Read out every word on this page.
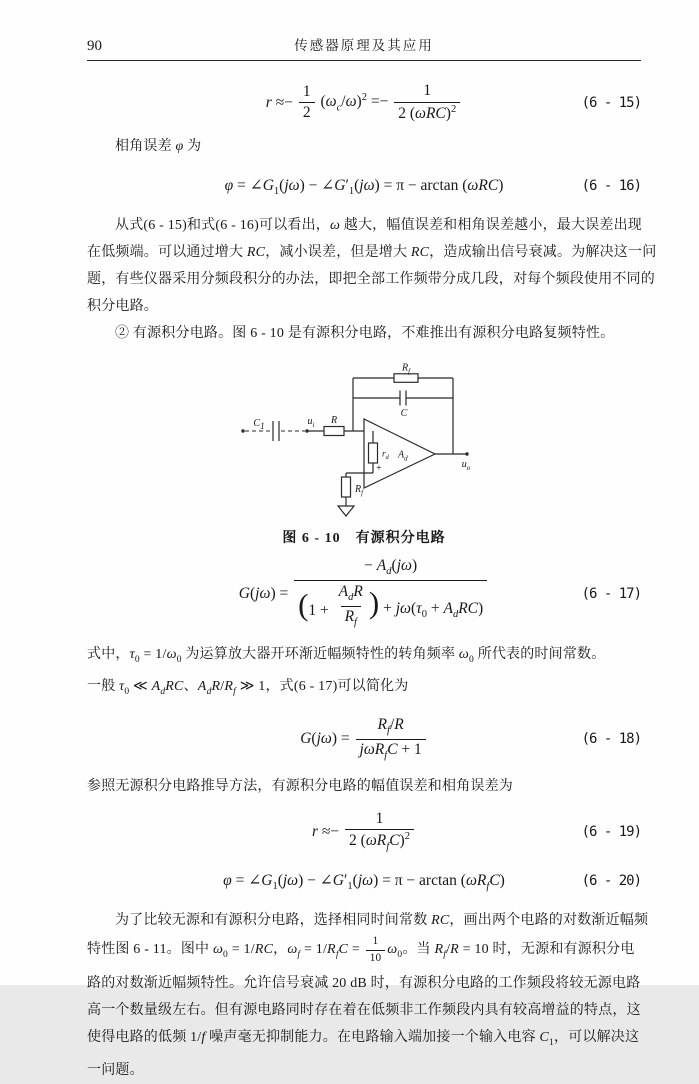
90	传感器原理及其应用
$r \approx- \frac{1}{2} (\omega_c/\omega)^2 =- \frac{1}{2 (\omega RC)^2}$	(6 - 15)
相角误差 φ 为
$\varphi = \angle G_1(j\omega)$ − $\angle G'_1(j\omega) = \pi - \arctan (\omega RC)$	(6 - 16)
从式(6 - 15)和式(6 - 16)可以看出，ω 越大，幅值误差和相角误差越小，最大误差出现
在低频端。可以通过增大 RC，减小误差，但是增大 RC，造成输出信号衰减。为解决这一问
题，有些仪器采用分频段积分的办法，即把全部工作频带分成几段，对每个频段使用不同的
积分电路。
② 有源积分电路。图 6 - 10 是有源积分电路，不难推出有源积分电路复频特性。
C1	$u_i$ R
$R_f$
C
$r_d$ $A_d$
+
$R_f$
$u_o$
图 6 - 10　有源积分电路
$G(j\omega) = \frac{- A_d(j\omega)}{(1 + \frac{A_dR}{R_f} ) + j\omega(\tau_0 + A_dRC)}$	(6 - 17)
式中，$\tau_0 = 1/\omega_0$ 为运算放大器开环渐近幅频特性的转角频率 $\omega_0$ 所代表的时间常数。
一般 $\tau_0$ ≪ $A_dRC$、$A_dR/R_f$ ≫ 1，式(6 - 17)可以简化为
$G(j\omega) = \frac{R_f/R}{j\omega R_fC + 1}$	(6 - 18)
参照无源积分电路推导方法，有源积分电路的幅值误差和相角误差为
$r \approx- \frac{1}{2 (\omega R_fC)^2}$	(6 - 19)
$\varphi = \angle G_1(j\omega)$ − $\angle G'_1(j\omega) = \pi - \arctan (\omega R_fC)$	(6 - 20)
为了比较无源和有源积分电路，选择相同时间常数 RC，画出两个电路的对数渐近幅频
特性图 6 - 11。图中 $\omega_0 = 1/RC$，$\omega_f = 1/R_fC = \frac{1}{10} \omega_0$。当 $R_f/R = 10$ 时，无源和有源积分电
路的对数渐近幅频特性。允许信号衰减 20 dB 时，有源积分电路的工作频段将较无源电路
高一个数量级左右。但有源电路同时存在着在低频非工作频段内具有较高增益的特点，这
使得电路的低频 1/f 噪声毫无抑制能力。在电路输入端加接一个输入电容 $C_1$，可以解决这
一问题。
